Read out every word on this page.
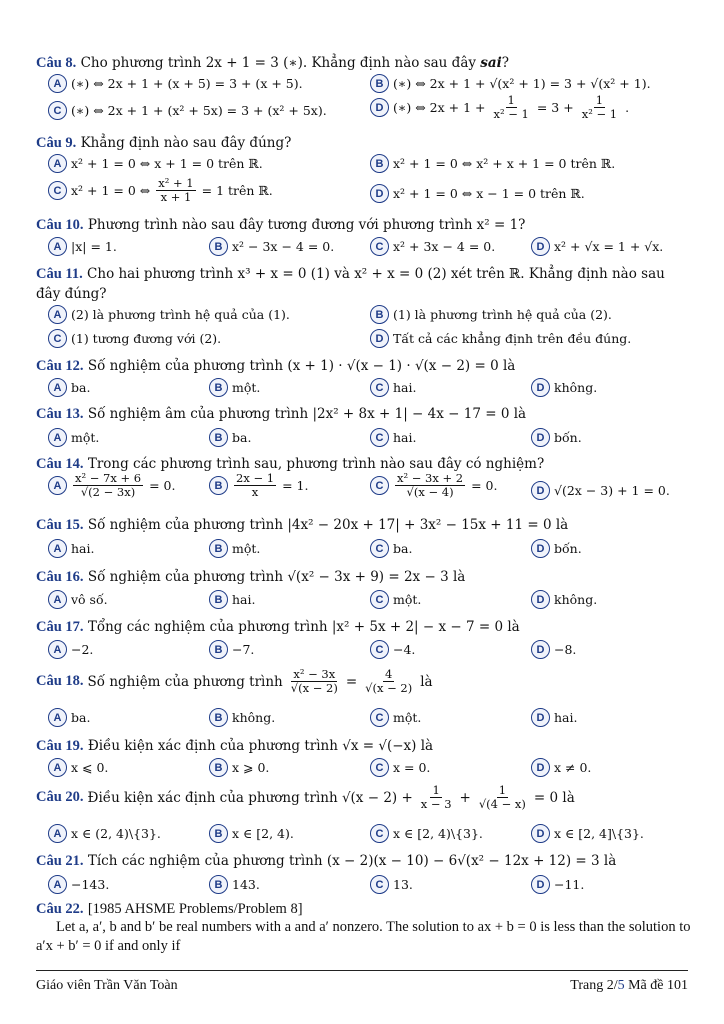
Câu 8. Cho phương trình 2x + 1 = 3 (∗). Khẳng định nào sau đây sai?
A (∗) ⇔ 2x + 1 + (x + 5) = 3 + (x + 5).	B (∗) ⇔ 2x + 1 + √(x² + 1) = 3 + √(x² + 1).
C (∗) ⇔ 2x + 1 + (x² + 5x) = 3 + (x² + 5x).	D (∗) ⇔ $2x + 1 + \frac{1}{\text{x² − 1}} = 3 + \frac{1}{\text{x² − 1}}$ .
Câu 9. Khẳng định nào sau đây đúng?
A x² + 1 = 0 ⇔ x + 1 = 0 trên ℝ.	B x² + 1 = 0 ⇔ x² + x + 1 = 0 trên ℝ.
C x² + 1 = 0 ⇔ $\frac{\text{x² + 1}}{x + 1} = 1$ trên ℝ.	D x² + 1 = 0 ⇔ x − 1 = 0 trên ℝ.
Câu 10. Phương trình nào sau đây tương đương với phương trình x² = 1?
A |x| = 1.	B x² − 3x − 4 = 0.	C x² + 3x − 4 = 0.	D x² + √x = 1 + √x.
Câu 11. Cho hai phương trình x³ + x = 0 (1) và x² + x = 0 (2) xét trên ℝ. Khẳng định nào sau đây đúng?
A (2) là phương trình hệ quả của (1).	B (1) là phương trình hệ quả của (2).
C (1) tương đương với (2).	D Tất cả các khẳng định trên đều đúng.
Câu 12. Số nghiệm của phương trình (x + 1) · √(x − 1) · √(x − 2) = 0 là
A ba.	B một.	C hai.	D không.
Câu 13. Số nghiệm âm của phương trình |2x² + 8x + 1| − 4x − 17 = 0 là
A một.	B ba.	C hai.	D bốn.
Câu 14. Trong các phương trình sau, phương trình nào sau đây có nghiệm?
A	$\frac{\text{x² − 7x + 6}}{√(2 - 3x)} = 0$.	B	$\frac{2x - 1}{x} = 1$.	C	$\frac{\text{x² − 3x + 2}}{√(x - 4)} = 0$.	D √(2x − 3) + 1 = 0.
Câu 15. Số nghiệm của phương trình |4x² − 20x + 17| + 3x² − 15x + 11 = 0 là
A hai.	B một.	C ba.	D bốn.
Câu 16. Số nghiệm của phương trình √(x² − 3x + 9) = 2x − 3 là
A vô số.	B hai.	C một.	D không.
Câu 17. Tổng các nghiệm của phương trình |x² + 5x + 2| − x − 7 = 0 là
A −2.	B −7.	C −4.	D −8.
Câu 18. Số nghiệm của phương trình $\frac{\text{x² − 3x}}{√(x - 2)} = \frac{4}{√(x - 2)}$ là
A ba.	B không.	C một.	D hai.
Câu 19. Điều kiện xác định của phương trình √x = √(−x) là
A x ⩽ 0.	B x ⩾ 0.	C x = 0.	D x ≠ 0.
Câu 20. Điều kiện xác định của phương trình $√(x - 2) + \frac{1}{x - 3} + \frac{1}{√(4 - x)} = 0$ là
A x ∈ (2, 4)\{3}.	B x ∈ [2, 4).	C x ∈ [2, 4)\{3}.	D x ∈ [2, 4]\{3}.
Câu 21. Tích các nghiệm của phương trình (x − 2)(x − 10) − 6√(x² − 12x + 12) = 3 là
A −143.	B 143.	C 13.	D −11.
Câu 22. [1985 AHSME Problems/Problem 8]
Let a, a′, b and b′ be real numbers with a and a′ nonzero. The solution to ax + b = 0 is less than the solution to a′x + b′ = 0 if and only if
Giáo viên Trần Văn Toàn	Trang 2/5 Mã đề 101
